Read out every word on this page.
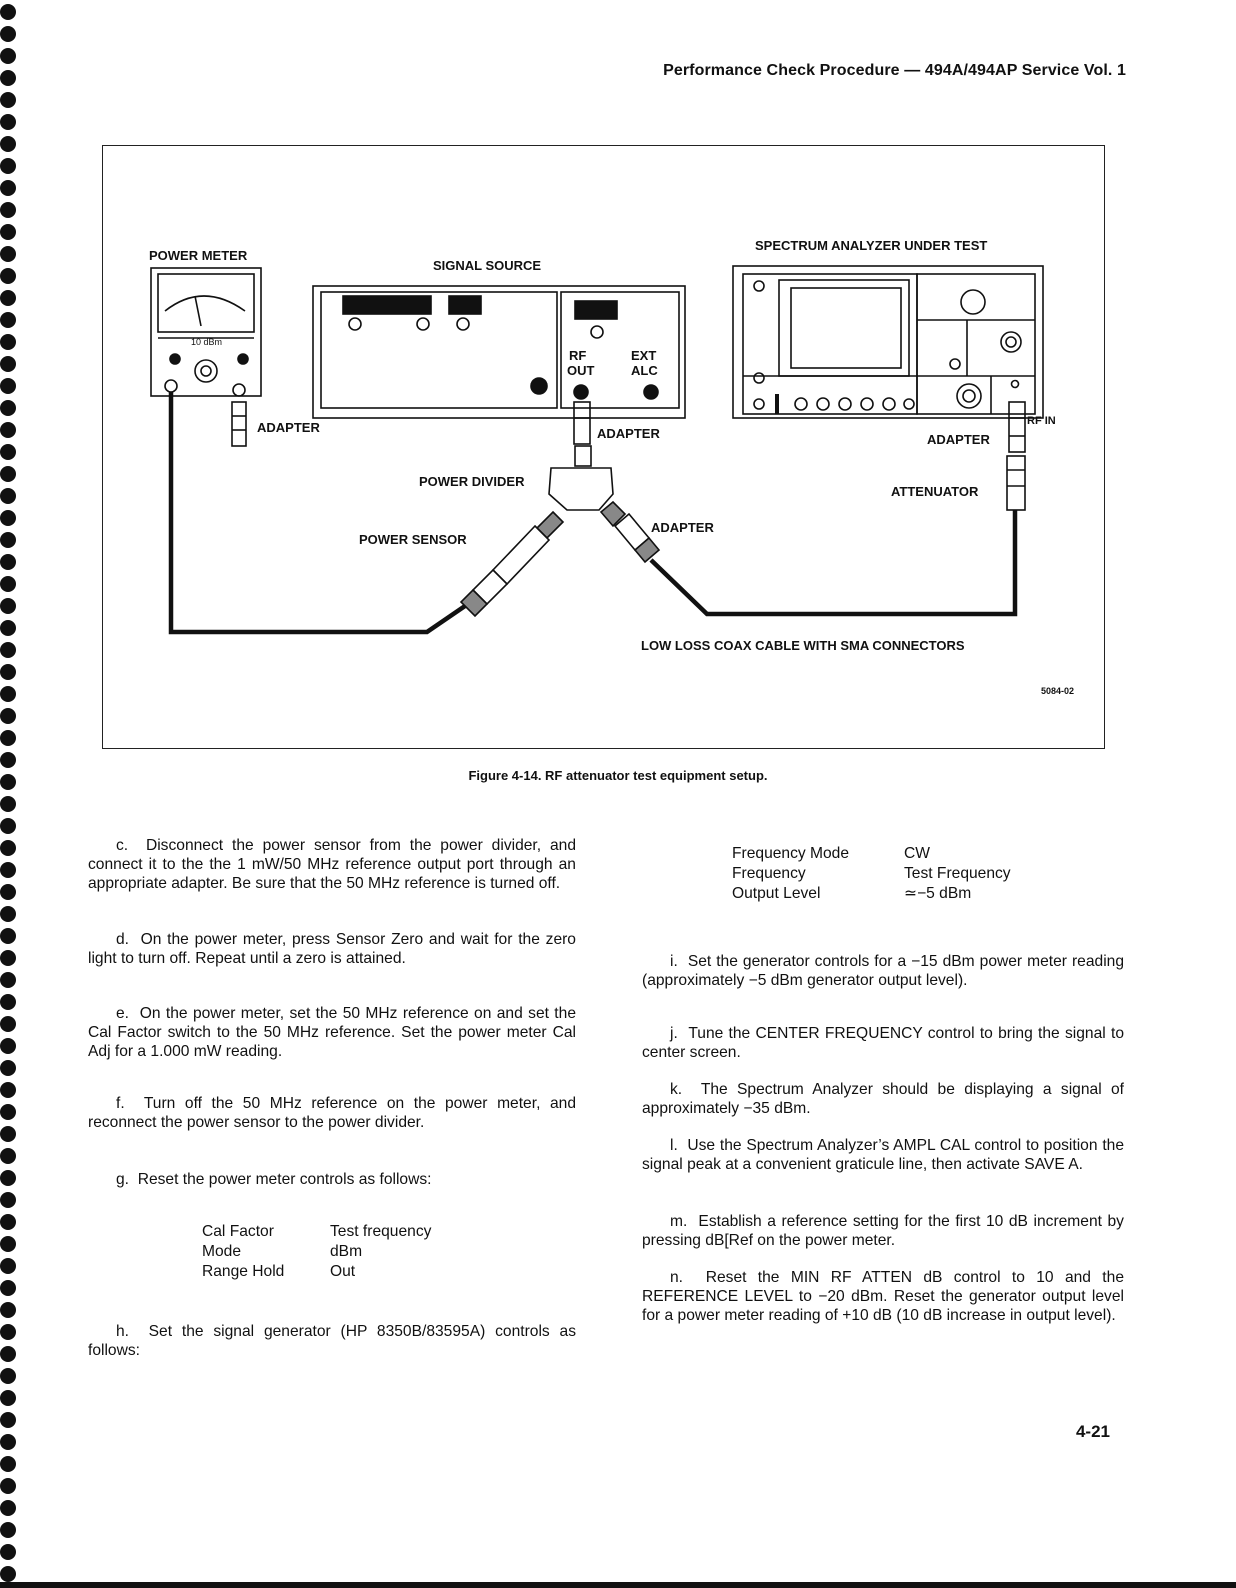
Performance Check Procedure — 494A/494AP Service Vol. 1
POWER METER
10 dBm
ADAPTER
SIGNAL SOURCE
RF
OUT
EXT
ALC
ADAPTER
SPECTRUM ANALYZER UNDER TEST
RF IN
ADAPTER
ATTENUATOR
POWER DIVIDER
POWER SENSOR
ADAPTER
LOW LOSS COAX CABLE WITH SMA CONNECTORS
5084-02
Figure 4-14. RF attenuator test equipment setup.
c. Disconnect the power sensor from the power divider, and connect it to the the 1 mW/50 MHz reference output port through an appropriate adapter. Be sure that the 50 MHz reference is turned off.
d. On the power meter, press Sensor Zero and wait for the zero light to turn off. Repeat until a zero is attained.
e. On the power meter, set the 50 MHz reference on and set the Cal Factor switch to the 50 MHz reference. Set the power meter Cal Adj for a 1.000 mW reading.
f. Turn off the 50 MHz reference on the power meter, and reconnect the power sensor to the power divider.
g. Reset the power meter controls as follows:
Cal Factor	Test frequency
Mode	dBm
Range Hold	Out
h. Set the signal generator (HP 8350B/83595A) controls as follows:
Frequency Mode	CW
Frequency	Test Frequency
Output Level	≃−5 dBm
i. Set the generator controls for a −15 dBm power meter reading (approximately −5 dBm generator output level).
j. Tune the CENTER FREQUENCY control to bring the signal to center screen.
k. The Spectrum Analyzer should be displaying a signal of approximately −35 dBm.
l. Use the Spectrum Analyzer’s AMPL CAL control to position the signal peak at a convenient graticule line, then activate SAVE A.
m. Establish a reference setting for the first 10 dB increment by pressing dB[Ref on the power meter.
n. Reset the MIN RF ATTEN dB control to 10 and the REFERENCE LEVEL to −20 dBm. Reset the generator output level for a power meter reading of +10 dB (10 dB increase in output level).
4-21
